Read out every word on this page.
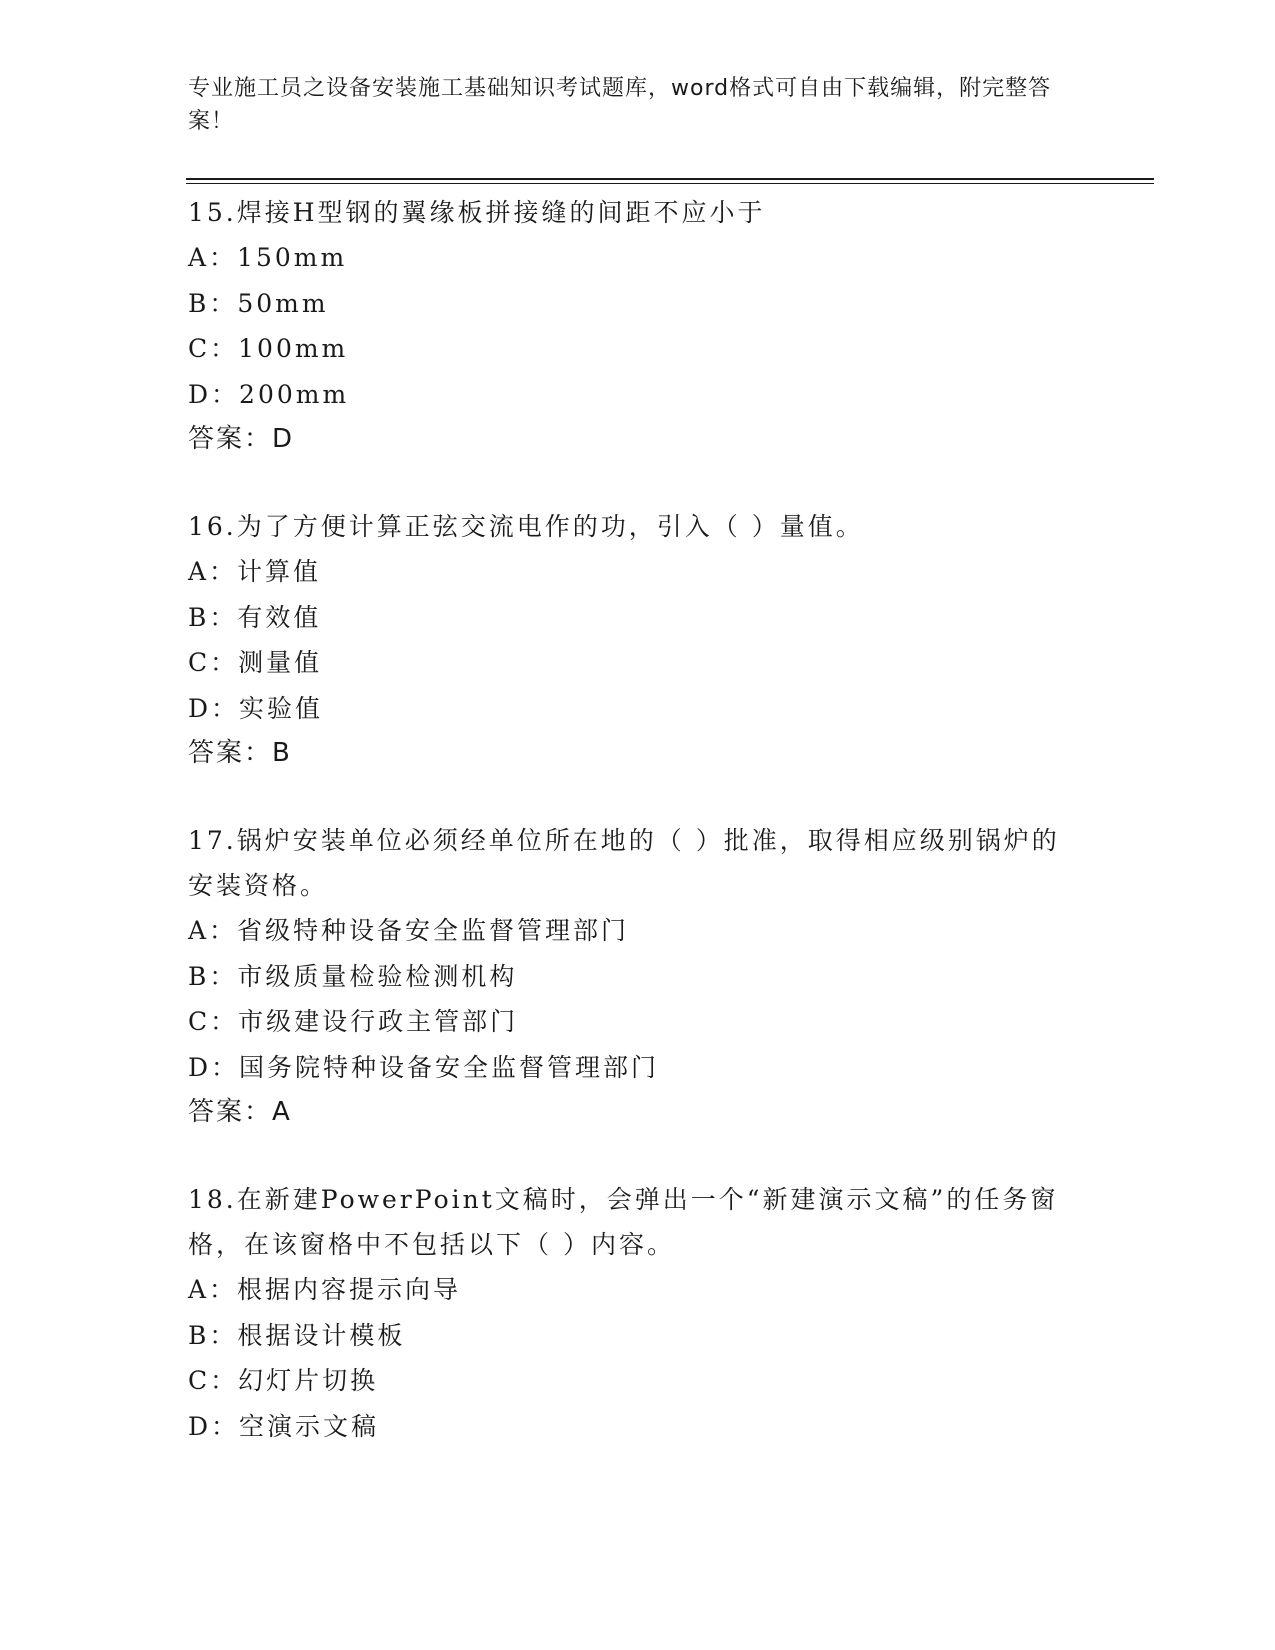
专业施工员之设备安装施工基础知识考试题库，word格式可自由下载编辑，附完整答案！
15.焊接H型钢的翼缘板拼接缝的间距不应小于
A：150mm
B：50mm
C：100mm
D：200mm
答案：D
16.为了方便计算正弦交流电作的功，引入（ ）量值。
A：计算值
B：有效值
C：测量值
D：实验值
答案：B
17.锅炉安装单位必须经单位所在地的（ ）批准，取得相应级别锅炉的安装资格。
A：省级特种设备安全监督管理部门
B：市级质量检验检测机构
C：市级建设行政主管部门
D：国务院特种设备安全监督管理部门
答案：A
18.在新建PowerPoint文稿时，会弹出一个“新建演示文稿”的任务窗格，在该窗格中不包括以下（ ）内容。
A：根据内容提示向导
B：根据设计模板
C：幻灯片切换
D：空演示文稿
